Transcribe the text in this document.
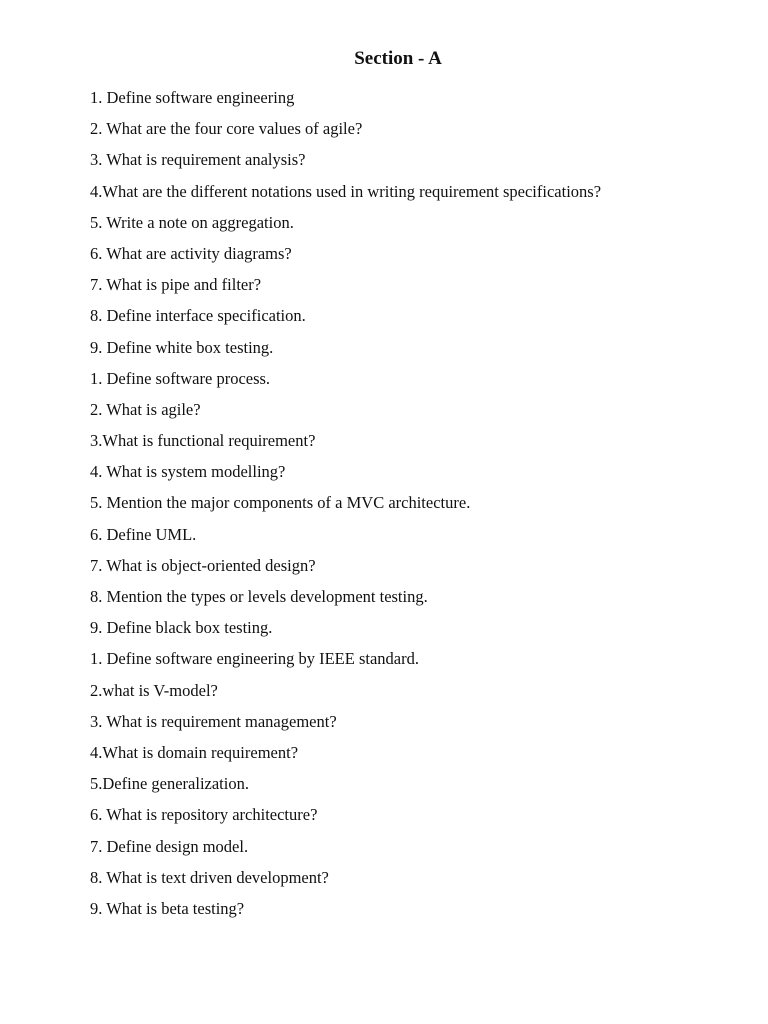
Section - A
1. Define software engineering
2. What are the four core values of agile?
3. What is requirement analysis?
4.What are the different notations used in writing requirement specifications?
5. Write a note on aggregation.
6. What are activity diagrams?
7. What is pipe and filter?
8. Define interface specification.
9. Define white box testing.
1. Define software process.
2. What is agile?
3.What is functional requirement?
4. What is system modelling?
5. Mention the major components of a MVC architecture.
6. Define UML.
7. What is object-oriented design?
8. Mention the types or levels development testing.
9. Define black box testing.
1. Define software engineering by IEEE standard.
2.what is V-model?
3. What is requirement management?
4.What is domain requirement?
5.Define generalization.
6. What is repository architecture?
7. Define design model.
8. What is text driven development?
9. What is beta testing?
